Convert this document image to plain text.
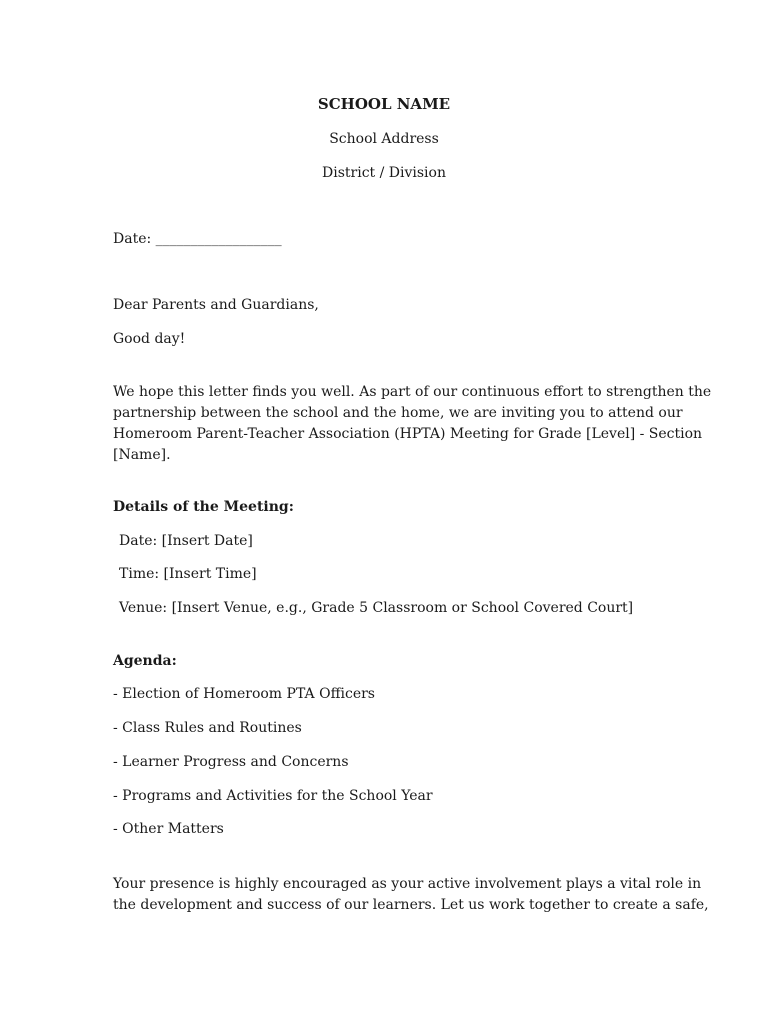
SCHOOL NAME
School Address
District / Division
Date: __________________
Dear Parents and Guardians,
Good day!
We hope this letter finds you well. As part of our continuous effort to strengthen the
partnership between the school and the home, we are inviting you to attend our
Homeroom Parent-Teacher Association (HPTA) Meeting for Grade [Level] - Section
[Name].
Details of the Meeting:
Date: [Insert Date]
Time: [Insert Time]
Venue: [Insert Venue, e.g., Grade 5 Classroom or School Covered Court]
Agenda:
- Election of Homeroom PTA Officers
- Class Rules and Routines
- Learner Progress and Concerns
- Programs and Activities for the School Year
- Other Matters
Your presence is highly encouraged as your active involvement plays a vital role in
the development and success of our learners. Let us work together to create a safe,
